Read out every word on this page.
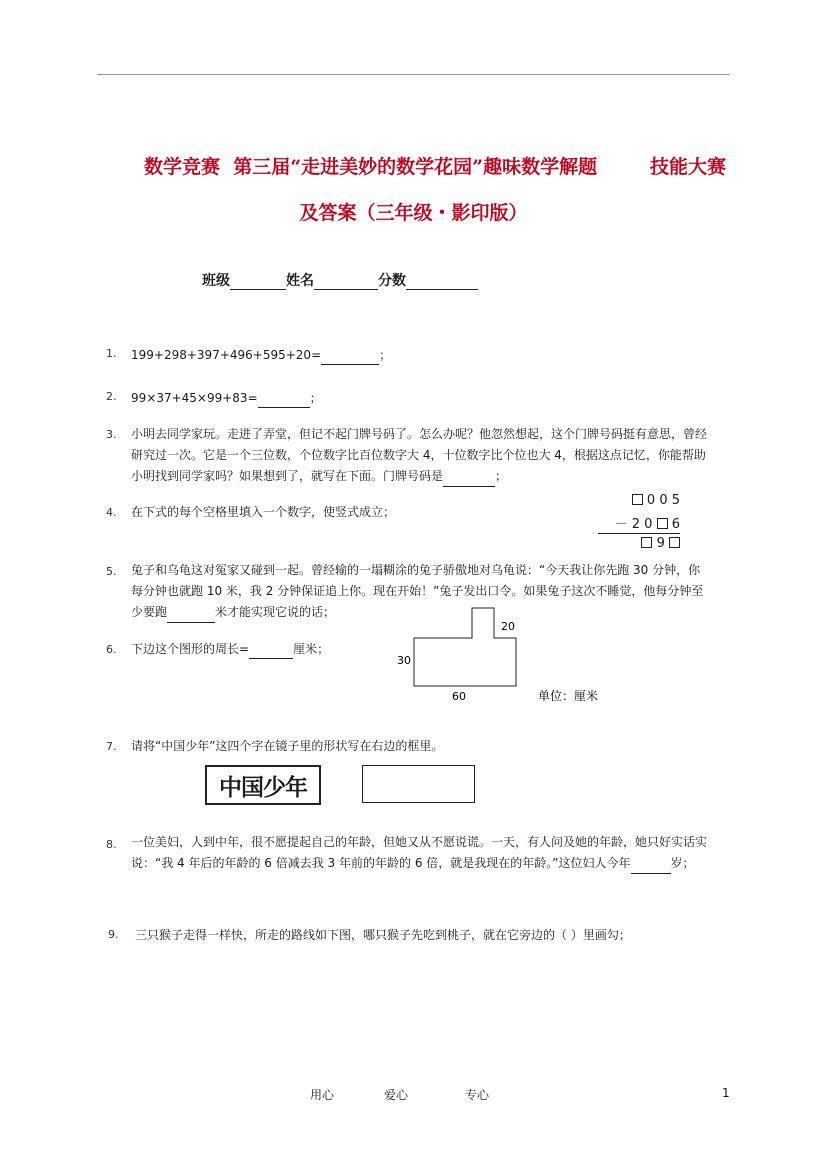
数学竞赛  第三届“走进美妙的数学花园”趣味数学解题        技能大赛
及答案（三年级・影印版）
班级	姓名	分数
1. 199+298+397+496+595+20=	；
2. 99×37+45×99+83=	；
3. 小明去同学家玩。走进了弄堂，但记不起门牌号码了。怎么办呢？他忽然想起，这个门牌号码挺有意思，曾经研究过一次。它是一个三位数，个位数字比百位数字大 4，十位数字比个位也大 4，根据这点记忆，你能帮助小明找到同学家吗？如果想到了，就写在下面。门牌号码是	；
4. 在下式的每个空格里填入一个数字，使竖式成立；
0 0 5
－ 2 0 6
9
5. 兔子和乌龟这对冤家又碰到一起。曾经输的一塌糊涂的兔子骄傲地对乌龟说：“今天我让你先跑 30 分钟，你每分钟也就跑 10 米，我 2 分钟保证追上你。现在开始！”兔子发出口令。如果兔子这次不睡觉，他每分钟至少要跑	米才能实现它说的话；
6. 下边这个图形的周长=	厘米；
30
20
60	单位：厘米
7. 请将“中国少年”这四个字在镜子里的形状写在右边的框里。
中国少年
8. 一位美妇，人到中年，很不愿提起自己的年龄，但她又从不愿说谎。一天，有人问及她的年龄，她只好实话实说：“我 4 年后的年龄的 6 倍减去我 3 年前的年龄的 6 倍，就是我现在的年龄。”这位妇人今年	岁；
9. 三只猴子走得一样快，所走的路线如下图，哪只猴子先吃到桃子，就在它旁边的（ ）里画勾；
用心	爱心	专心	1
